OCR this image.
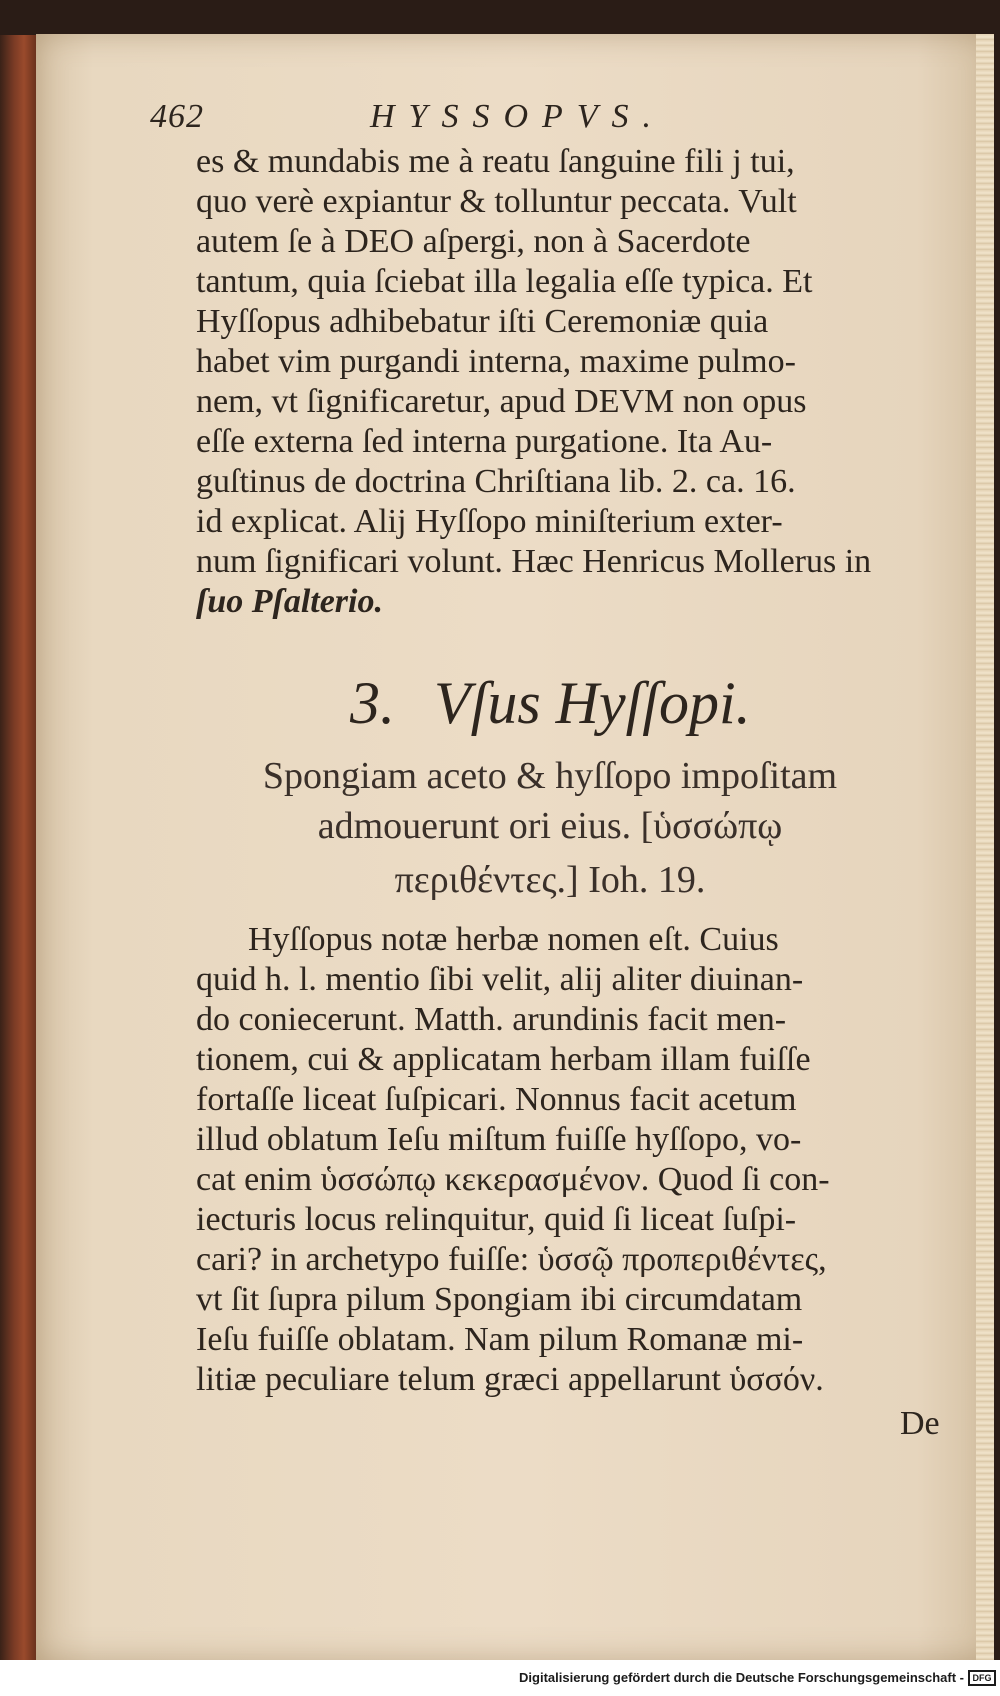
462	HYSSOPVS.
es & mundabis me à reatu ſanguine fili j tui,
quo verè expiantur & tolluntur peccata. Vult
autem ſe à DEO aſpergi, non à Sacerdote
tantum, quia ſciebat illa legalia eſſe typica. Et
Hyſſopus adhibebatur iſti Ceremoniæ quia
habet vim purgandi interna, maxime pulmo-
nem, vt ſignificaretur, apud DEVM non opus
eſſe externa ſed interna purgatione. Ita Au-
guſtinus de doctrina Chriſtiana lib. 2. ca. 16.
id explicat. Alij Hyſſopo miniſterium exter-
num ſignificari volunt. Hæc Henricus Mollerus in
ſuo Pſalterio.
3. Vſus Hyſſopi.
Spongiam aceto & hyſſopo impoſitam
admouerunt ori eius. [ὑσσώπῳ
περιθέντες.] Ioh. 19.
Hyſſopus notæ herbæ nomen eſt. Cuius
quid h. l. mentio ſibi velit, alij aliter diuinan-
do coniecerunt. Matth. arundinis facit men-
tionem, cui & applicatam herbam illam fuiſſe
fortaſſe liceat ſuſpicari. Nonnus facit acetum
illud oblatum Ieſu miſtum fuiſſe hyſſopo, vo-
cat enim ὑσσώπῳ κεκερασμένον. Quod ſi con-
iecturis locus relinquitur, quid ſi liceat ſuſpi-
cari? in archetypo fuiſſe: ὑσσῷ προπεριθέντες,
vt ſit ſupra pilum Spongiam ibi circumdatam
Ieſu fuiſſe oblatam. Nam pilum Romanæ mi-
litiæ peculiare telum græci appellarunt ὑσσόν.
De
Digitalisierung gefördert durch die Deutsche Forschungsgemeinschaft - DFG
